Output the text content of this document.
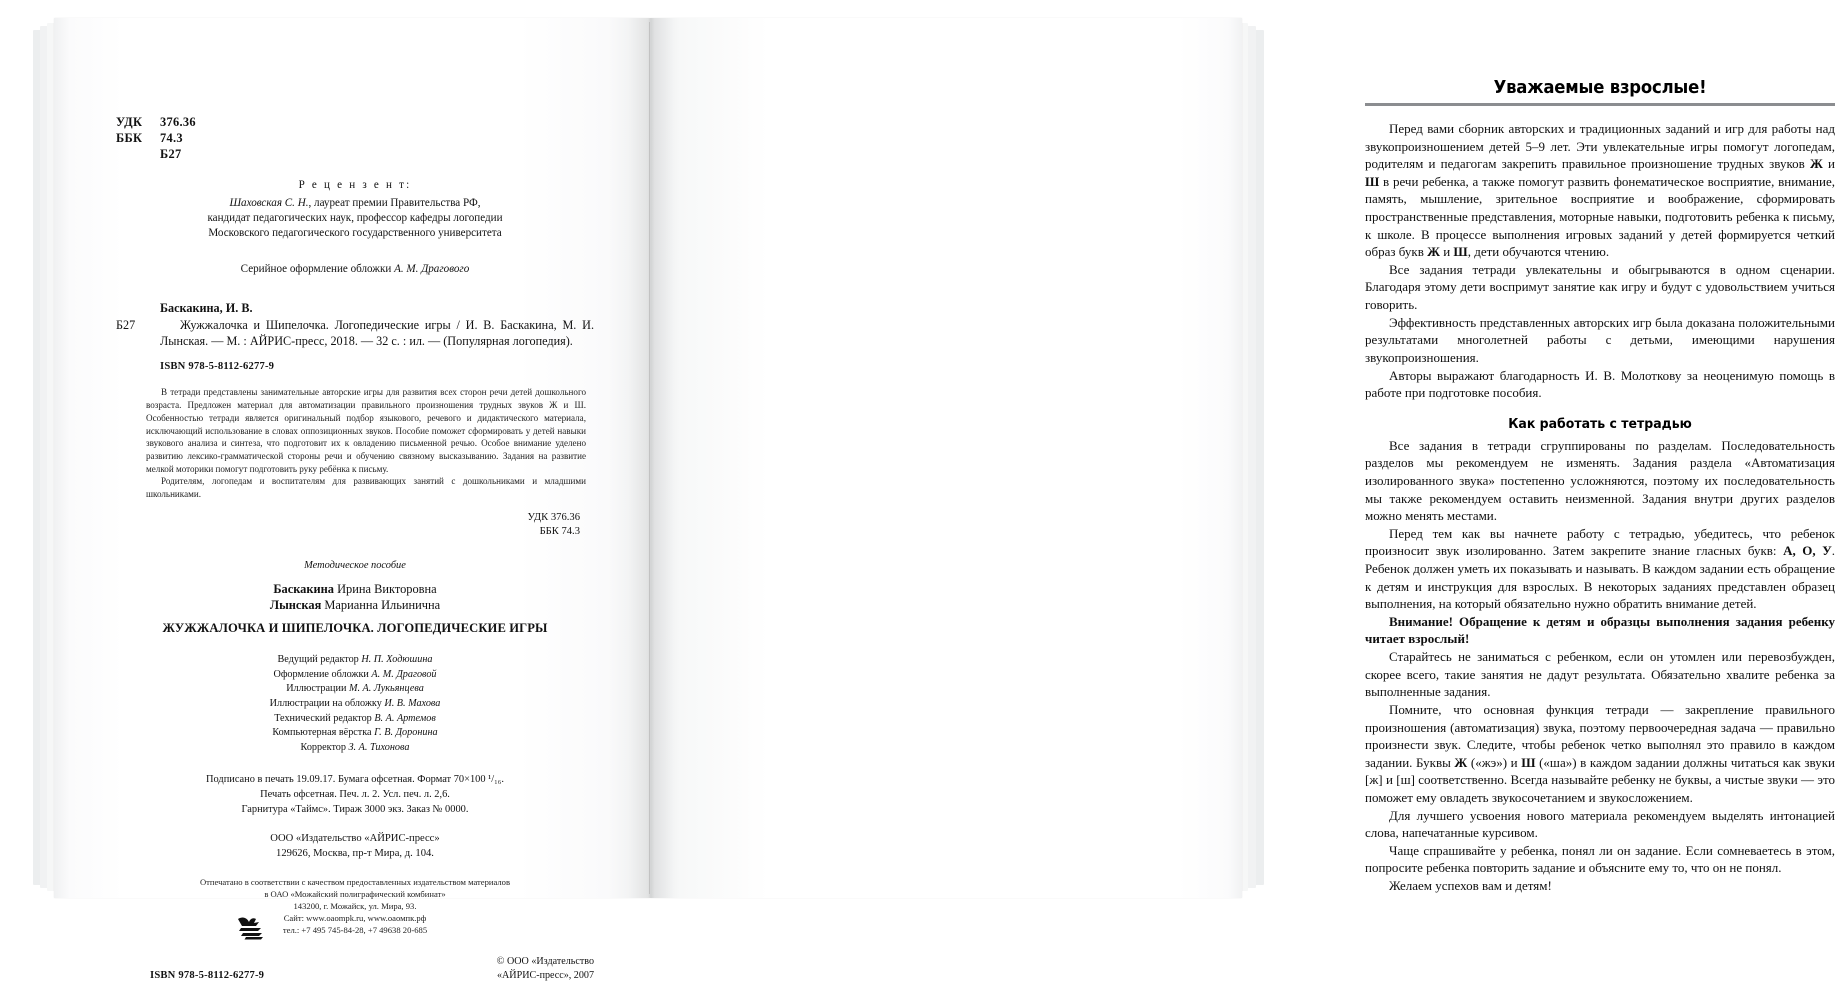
УДК	376.36
ББК	74.3
Б27
Р е ц е н з е н т:
Шаховская С. Н., лауреат премии Правительства РФ,
кандидат педагогических наук, профессор кафедры логопедии
Московского педагогического государственного университета
Серийное оформление обложки А. М. Драгового
Б27
Баскакина, И. В.
Жужжалочка и Шипелочка. Логопедические игры / И. В. Баскакина, М. И. Лынская. — М. : АЙРИС-пресс, 2018. — 32 с. : ил. — (Популярная логопедия).
ISBN 978-5-8112-6277-9

В тетради представлены занимательные авторские игры для развития всех сторон речи детей дошкольного возраста. Предложен материал для автоматизации правильного произношения трудных звуков Ж и Ш. Особенностью тетради является оригинальный подбор языкового, речевого и дидактического материала, исключающий использование в словах оппозиционных звуков. Пособие поможет сформировать у детей навыки звукового анализа и синтеза, что подготовит их к овладению письменной речью. Особое внимание уделено развитию лексико-грамматической стороны речи и обучению связному высказыванию. Задания на развитие мелкой моторики помогут подготовить руку ребёнка к письму.

Родителям, логопедам и воспитателям для развивающих занятий с дошкольниками и младшими школьниками.

УДК 376.36
ББК 74.3
Методическое пособие
Баскакина Ирина Викторовна
Лынская Марианна Ильинична
ЖУЖЖАЛОЧКА И ШИПЕЛОЧКА. ЛОГОПЕДИЧЕСКИЕ ИГРЫ
Ведущий редактор Н. П. Ходюшина
Оформление обложки А. М. Драговой
Иллюстрации М. А. Лукьянцева
Иллюстрации на обложку И. В. Махова
Технический редактор В. А. Артемов
Компьютерная вёрстка Г. В. Доронина
Корректор З. А. Тихонова
Подписано в печать 19.09.17. Бумага офсетная. Формат 70×100 ¹/₁₆.
Печать офсетная. Печ. л. 2. Усл. печ. л. 2,6.
Гарнитура «Таймс». Тираж 3000 экз. Заказ № 0000.
ООО «Издательство «АЙРИС-пресс»
129626, Москва, пр-т Мира, д. 104.
Отпечатано в соответствии с качеством предоставленных издательством материалов
в ОАО «Можайский полиграфический комбинат»
143200, г. Можайск, ул. Мира, 93.
Сайт: www.oaompk.ru, www.оаомпк.рф
тел.: +7 495 745-84-28, +7 49638 20-685
ISBN 978-5-8112-6277-9
© ООО «Издательство
«АЙРИС-пресс», 2007
Уважаемые взрослые!

Перед вами сборник авторских и традиционных заданий и игр для работы над звукопроизношением детей 5–9 лет. Эти увлекательные игры помогут логопедам, родителям и педагогам закрепить правильное произношение трудных звуков Ж и Ш в речи ребенка, а также помогут развить фонематическое восприятие, внимание, память, мышление, зрительное восприятие и воображение, сформировать пространственные представления, моторные навыки, подготовить ребенка к письму, к школе. В процессе выполнения игровых заданий у детей формируется четкий образ букв Ж и Ш, дети обучаются чтению.

Все задания тетради увлекательны и обыгрываются в одном сценарии. Благодаря этому дети воспримут занятие как игру и будут с удовольствием учиться говорить.

Эффективность представленных авторских игр была доказана положительными результатами многолетней работы с детьми, имеющими нарушения звукопроизношения.

Авторы выражают благодарность И. В. Молоткову за неоценимую помощь в работе при подготовке пособия.

Как работать с тетрадью

Все задания в тетради сгруппированы по разделам. Последовательность разделов мы рекомендуем не изменять. Задания раздела «Автоматизация изолированного звука» постепенно усложняются, поэтому их последовательность мы также рекомендуем оставить неизменной. Задания внутри других разделов можно менять местами.

Перед тем как вы начнете работу с тетрадью, убедитесь, что ребенок произносит звук изолированно. Затем закрепите знание гласных букв: А, О, У. Ребенок должен уметь их показывать и называть. В каждом задании есть обращение к детям и инструкция для взрослых. В некоторых заданиях представлен образец выполнения, на который обязательно нужно обратить внимание детей.

Внимание! Обращение к детям и образцы выполнения задания ребенку читает взрослый!

Старайтесь не заниматься с ребенком, если он утомлен или перевозбужден, скорее всего, такие занятия не дадут результата. Обязательно хвалите ребенка за выполненные задания.

Помните, что основная функция тетради — закрепление правильного произношения (автоматизация) звука, поэтому первоочередная задача — правильно произнести звук. Следите, чтобы ребенок четко выполнял это правило в каждом задании. Буквы Ж («жэ») и Ш («ша») в каждом задании должны читаться как звуки [ж] и [ш] соответственно. Всегда называйте ребенку не буквы, а чистые звуки — это поможет ему овладеть звукосочетанием и звукосложением.

Для лучшего усвоения нового материала рекомендуем выделять интонацией слова, напечатанные курсивом.

Чаще спрашивайте у ребенка, понял ли он задание. Если сомневаетесь в этом, попросите ребенка повторить задание и объясните ему то, что он не понял.

Желаем успехов вам и детям!
